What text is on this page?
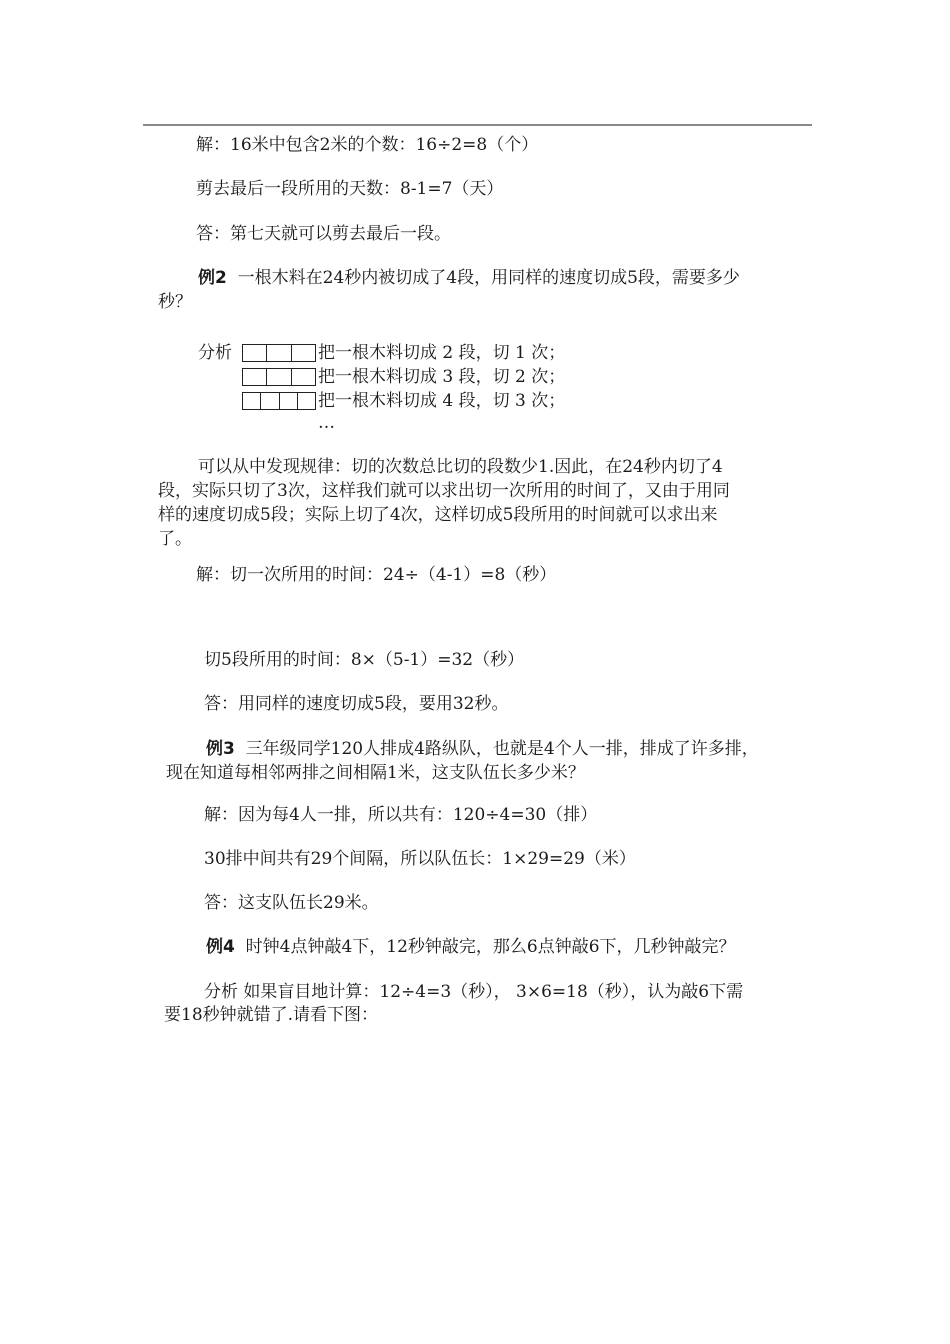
解：16米中包含2米的个数：16÷2=8（个）
剪去最后一段所用的天数：8-1=7（天）
答：第七天就可以剪去最后一段。
例2 一根木料在24秒内被切成了4段，用同样的速度切成5段，需要多少
秒？
分析	把一根木料切成 2 段，切 1 次；
把一根木料切成 3 段，切 2 次；
把一根木料切成 4 段，切 3 次；
…
可以从中发现规律：切的次数总比切的段数少1.因此，在24秒内切了4
段，实际只切了3次，这样我们就可以求出切一次所用的时间了，又由于用同
样的速度切成5段；实际上切了4次，这样切成5段所用的时间就可以求出来
了。
解：切一次所用的时间：24÷（4-1）=8（秒）
切5段所用的时间：8×（5-1）=32（秒）
答：用同样的速度切成5段，要用32秒。
例3 三年级同学120人排成4路纵队，也就是4个人一排，排成了许多排，
现在知道每相邻两排之间相隔1米，这支队伍长多少米？
解：因为每4人一排，所以共有：120÷4=30（排）
30排中间共有29个间隔，所以队伍长：1×29=29（米）
答：这支队伍长29米。
例4 时钟4点钟敲4下，12秒钟敲完，那么6点钟敲6下，几秒钟敲完？
分析 如果盲目地计算：12÷4=3（秒）， 3×6=18（秒），认为敲6下需
要18秒钟就错了.请看下图：
